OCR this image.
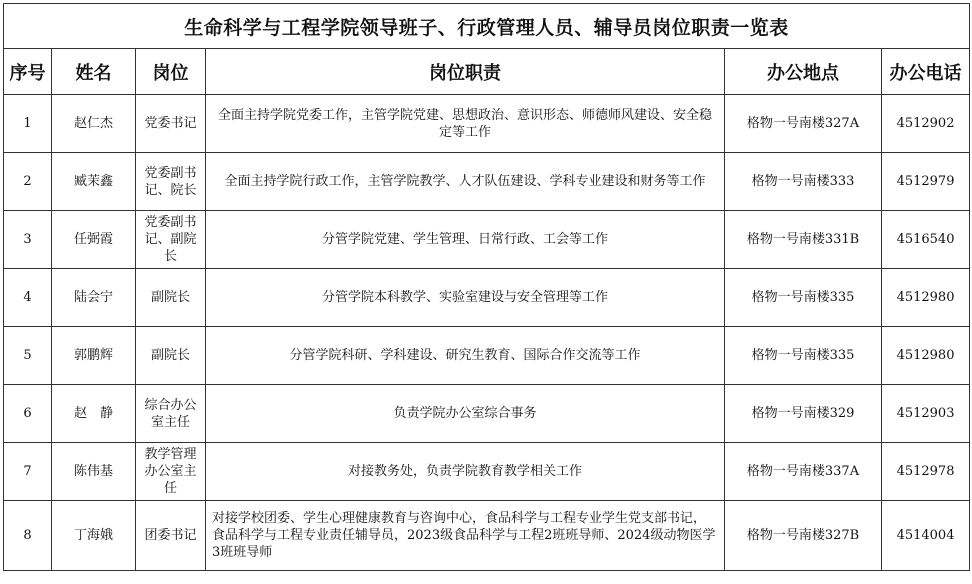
生命科学与工程学院领导班子、行政管理人员、辅导员岗位职责一览表					
序号	姓名	岗位	岗位职责	办公地点	办公电话
1	赵仁杰	党委书记	全面主持学院党委工作，主管学院党建、思想政治、意识形态、师德师风建设、安全稳定等工作	格物一号南楼327A	4512902
2	臧茉鑫	党委副书记、院长	全面主持学院行政工作，主管学院教学、人才队伍建设、学科专业建设和财务等工作	格物一号南楼333	4512979
3	任弼霞	党委副书记、副院长	分管学院党建、学生管理、日常行政、工会等工作	格物一号南楼331B	4516540
4	陆会宁	副院长	分管学院本科教学、实验室建设与安全管理等工作	格物一号南楼335	4512980
5	郭鹏辉	副院长	分管学院科研、学科建设、研究生教育、国际合作交流等工作	格物一号南楼335	4512980
6	赵　静	综合办公室主任	负责学院办公室综合事务	格物一号南楼329	4512903
7	陈伟基	教学管理办公室主任	对接教务处，负责学院教育教学相关工作	格物一号南楼337A	4512978
8	丁海娥	团委书记	对接学校团委、学生心理健康教育与咨询中心，食品科学与工程专业学生党支部书记，食品科学与工程专业责任辅导员，2023级食品科学与工程2班班导师、2024级动物医学3班班导师	格物一号南楼327B	4514004
